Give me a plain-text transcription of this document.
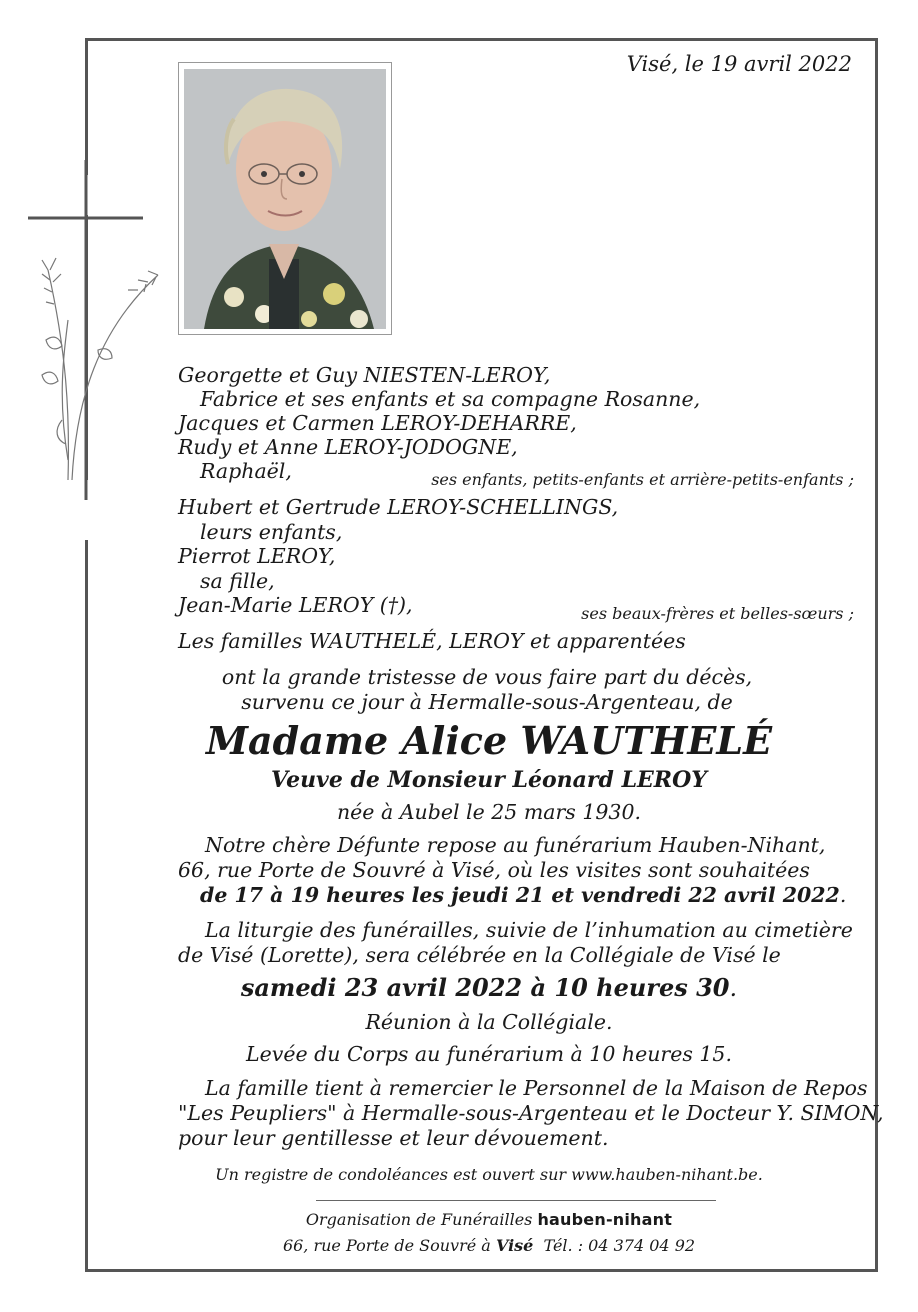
Visé, le 19 avril 2022
Georgette et Guy NIESTEN-LEROY,
Fabrice et ses enfants et sa compagne Rosanne,
Jacques et Carmen LEROY-DEHARRE,
Rudy et Anne LEROY-JODOGNE,
Raphaël,	ses enfants, petits-enfants et arrière-petits-enfants ;
Hubert et Gertrude LEROY-SCHELLINGS,
leurs enfants,
Pierrot LEROY,
sa fille,
Jean-Marie LEROY (†),	ses beaux-frères et belles-sœurs ;
Les familles WAUTHELÉ, LEROY et apparentées
ont la grande tristesse de vous faire part du décès,
survenu ce jour à Hermalle-sous-Argenteau, de
Madame Alice WAUTHELÉ
Veuve de Monsieur Léonard LEROY
née à Aubel le 25 mars 1930.
Notre chère Défunte repose au funérarium Hauben-Nihant,
66, rue Porte de Souvré à Visé, où les visites sont souhaitées
de 17 à 19 heures les jeudi 21 et vendredi 22 avril 2022.
La liturgie des funérailles, suivie de l’inhumation au cimetière
de Visé (Lorette), sera célébrée en la Collégiale de Visé le
samedi 23 avril 2022 à 10 heures 30.
Réunion à la Collégiale.
Levée du Corps au funérarium à 10 heures 15.
La famille tient à remercier le Personnel de la Maison de Repos
"Les Peupliers" à Hermalle-sous-Argenteau et le Docteur Y. SIMON,
pour leur gentillesse et leur dévouement.
Un registre de condoléances est ouvert sur www.hauben-nihant.be.
Organisation de Funérailles hauben-nihant
66, rue Porte de Souvré à Visé Tél. : 04 374 04 92
